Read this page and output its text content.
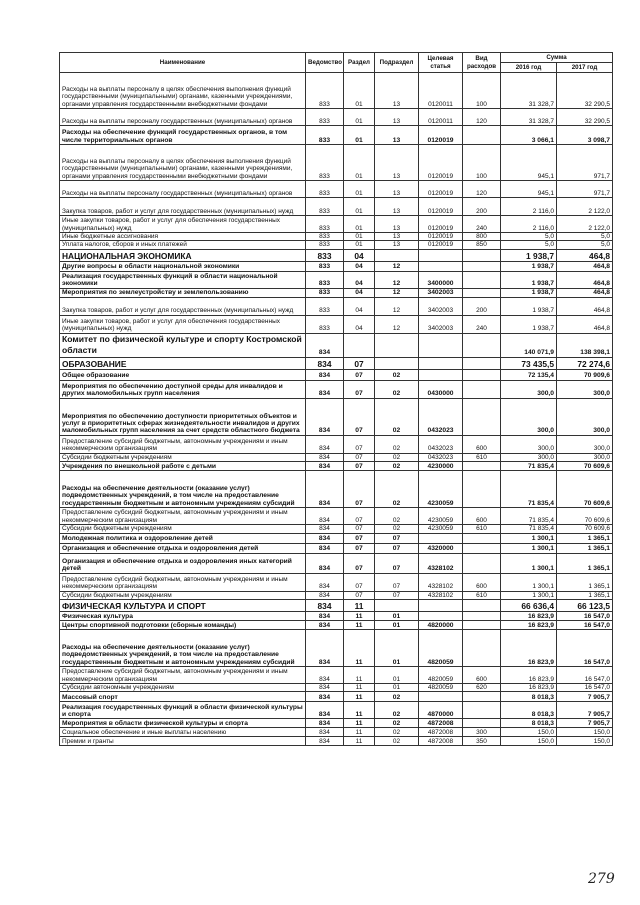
Наименование	Ведомство	Раздел	Подраздел	Целевая статья	Вид расходов	Сумма	
						2016 год	2017 год
Расходы на выплаты персоналу в целях обеспечения выполнения функций государственными (муниципальными) органами, казенными учреждениями, органами управления государственными внебюджетными фондами	833	01	13	0120011	100	31 328,7	32 290,5
Расходы на выплаты персоналу государственных (муниципальных) органов	833	01	13	0120011	120	31 328,7	32 290,5
Расходы на обеспечение функций государственных органов, в том числе территориальных органов	833	01	13	0120019		3 066,1	3 098,7
Расходы на выплаты персоналу в целях обеспечения выполнения функций государственными (муниципальными) органами, казенными учреждениями, органами управления государственными внебюджетными фондами	833	01	13	0120019	100	945,1	971,7
Расходы на выплаты персоналу государственных (муниципальных) органов	833	01	13	0120019	120	945,1	971,7
Закупка товаров, работ и услуг для государственных (муниципальных) нужд	833	01	13	0120019	200	2 116,0	2 122,0
Иные закупки товаров, работ и услуг для обеспечения государственных (муниципальных) нужд	833	01	13	0120019	240	2 116,0	2 122,0
Иные бюджетные ассигнования	833	01	13	0120019	800	5,0	5,0
Уплата налогов, сборов и иных платежей	833	01	13	0120019	850	5,0	5,0
НАЦИОНАЛЬНАЯ ЭКОНОМИКА	833	04				1 938,7	464,8
Другие вопросы в области национальной экономики	833	04	12			1 938,7	464,8
Реализация государственных функций в области национальной экономики	833	04	12	3400000		1 938,7	464,8
Мероприятия по землеустройству и землепользованию	833	04	12	3402003		1 938,7	464,8
Закупка товаров, работ и услуг для государственных (муниципальных) нужд	833	04	12	3402003	200	1 938,7	464,8
Иные закупки товаров, работ и услуг для обеспечения государственных (муниципальных) нужд	833	04	12	3402003	240	1 938,7	464,8
Комитет по физической культуре и спорту Костромской области	834					140 071,9	138 398,1
ОБРАЗОВАНИЕ	834	07				73 435,5	72 274,6
Общее образование	834	07	02			72 135,4	70 909,6
Мероприятия по обеспечению доступной среды для инвалидов и других маломобильных групп населения	834	07	02	0430000		300,0	300,0
Мероприятия по обеспечению доступности приоритетных объектов и услуг в приоритетных сферах жизнедеятельности инвалидов и других маломобильных групп населения за счет средств областного бюджета	834	07	02	0432023		300,0	300,0
Предоставление субсидий бюджетным, автономным учреждениям и иным некоммерческим организациям	834	07	02	0432023	600	300,0	300,0
Субсидии бюджетным учреждениям	834	07	02	0432023	610	300,0	300,0
Учреждения по внешкольной работе с детьми	834	07	02	4230000		71 835,4	70 609,6
Расходы на обеспечение деятельности (оказание услуг) подведомственных учреждений, в том числе на предоставление государственным бюджетным и автономным учреждениям субсидий	834	07	02	4230059		71 835,4	70 609,6
Предоставление субсидий бюджетным, автономным учреждениям и иным некоммерческим организациям	834	07	02	4230059	600	71 835,4	70 609,6
Субсидии бюджетным учреждениям	834	07	02	4230059	610	71 835,4	70 609,6
Молодежная политика и оздоровление детей	834	07	07			1 300,1	1 365,1
Организация и обеспечение отдыха и оздоровления детей	834	07	07	4320000		1 300,1	1 365,1
Организация и обеспечение отдыха и оздоровления иных категорий детей	834	07	07	4328102		1 300,1	1 365,1
Предоставление субсидий бюджетным, автономным учреждениям и иным некоммерческим организациям	834	07	07	4328102	600	1 300,1	1 365,1
Субсидии бюджетным учреждениям	834	07	07	4328102	610	1 300,1	1 365,1
ФИЗИЧЕСКАЯ КУЛЬТУРА И СПОРТ	834	11				66 636,4	66 123,5
Физическая культура	834	11	01			16 823,9	16 547,0
Центры спортивной подготовки (сборные команды)	834	11	01	4820000		16 823,9	16 547,0
Расходы на обеспечение деятельности (оказание услуг) подведомственных учреждений, в том числе на предоставление государственным бюджетным и автономным учреждениям субсидий	834	11	01	4820059		16 823,9	16 547,0
Предоставление субсидий бюджетным, автономным учреждениям и иным некоммерческим организациям	834	11	01	4820059	600	16 823,9	16 547,0
Субсидии автономным учреждениям	834	11	01	4820059	620	16 823,9	16 547,0
Массовый спорт	834	11	02			8 018,3	7 905,7
Реализация государственных функций в области физической культуры и спорта	834	11	02	4870000		8 018,3	7 905,7
Мероприятия в области физической культуры и спорта	834	11	02	4872008		8 018,3	7 905,7
Социальное обеспечение и иные выплаты населению	834	11	02	4872008	300	150,0	150,0
Премии и гранты	834	11	02	4872008	350	150,0	150,0
279
